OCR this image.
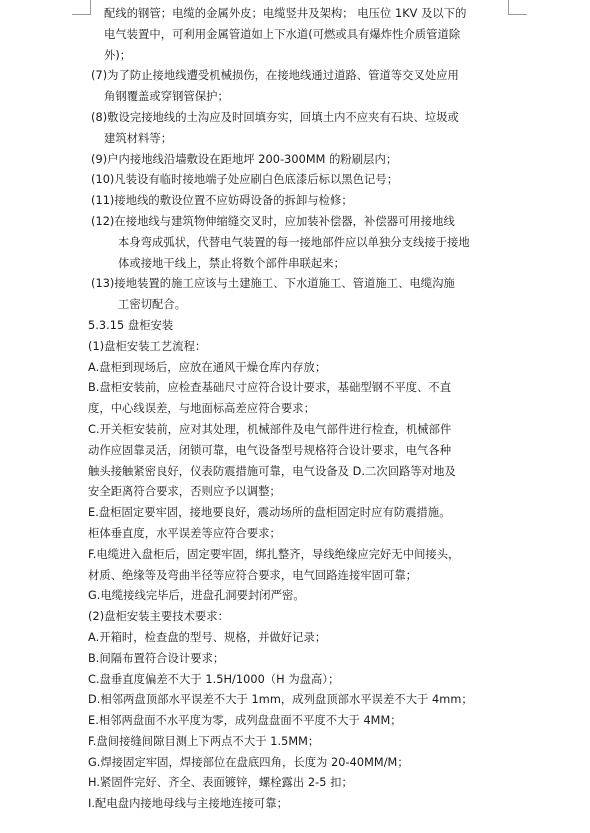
配线的钢管；电缆的金属外皮；电缆竖井及架构； 电压位 1KV 及以下的
电气装置中，可利用金属管道如上下水道(可燃或具有爆炸性介质管道除
外)；
(7)为了防止接地线遭受机械损伤，在接地线通过道路、管道等交叉处应用
角钢覆盖或穿钢管保护；
(8)敷设完接地线的土沟应及时回填夯实，回填土内不应夹有石块、垃圾或
建筑材料等；
(9)户内接地线沿墙敷设在距地坪 200-300MM 的粉刷层内；
(10)凡装设有临时接地端子处应刷白色底漆后标以黑色记号；
(11)接地线的敷设位置不应妨碍设备的拆卸与检修；
(12)在接地线与建筑物伸缩缝交叉时，应加装补偿器，补偿器可用接地线
本身弯成弧状，代替电气装置的每一接地部件应以单独分支线接于接地
体或接地干线上，禁止将数个部件串联起来；
(13)接地装置的施工应该与土建施工、下水道施工、管道施工、电缆沟施
工密切配合。
5.3.15 盘柜安装
(1)盘柜安装工艺流程：
A.盘柜到现场后，应放在通风干燥仓库内存放；
B.盘柜安装前，应检查基础尺寸应符合设计要求，基础型钢不平度、不直
度，中心线误差，与地面标高差应符合要求；
C.开关柜安装前，应对其处理，机械部件及电气部件进行检查，机械部件
动作应固靠灵活，闭锁可靠，电气设备型号规格符合设计要求，电气各种
触头接触紧密良好，仪表防震措施可靠，电气设备及 D.二次回路等对地及
安全距离符合要求，否则应予以调整；
E.盘柜固定要牢固，接地要良好，震动场所的盘柜固定时应有防震措施。
柜体垂直度，水平误差等应符合要求；
F.电缆进入盘柜后，固定要牢固，绑扎整齐，导线绝缘应完好无中间接头，
材质、绝缘等及弯曲半径等应符合要求，电气回路连接牢固可靠；
G.电缆接线完毕后，进盘孔洞要封闭严密。
(2)盘柜安装主要技术要求：
A.开箱时，检查盘的型号、规格，并做好记录；
B.间隔布置符合设计要求；
C.盘垂直度偏差不大于 1.5H/1000（H 为盘高）；
D.相邻两盘顶部水平误差不大于 1mm，成列盘顶部水平误差不大于 4mm；
E.相邻两盘面不水平度为零，成列盘盘面不平度不大于 4MM；
F.盘间接缝间隙目测上下两点不大于 1.5MM；
G.焊接固定牢固，焊接部位在盘底四角，长度为 20-40MM/M；
H.紧固件完好、齐全、表面镀锌，螺栓露出 2-5 扣；
I.配电盘内接地母线与主接地连接可靠；
